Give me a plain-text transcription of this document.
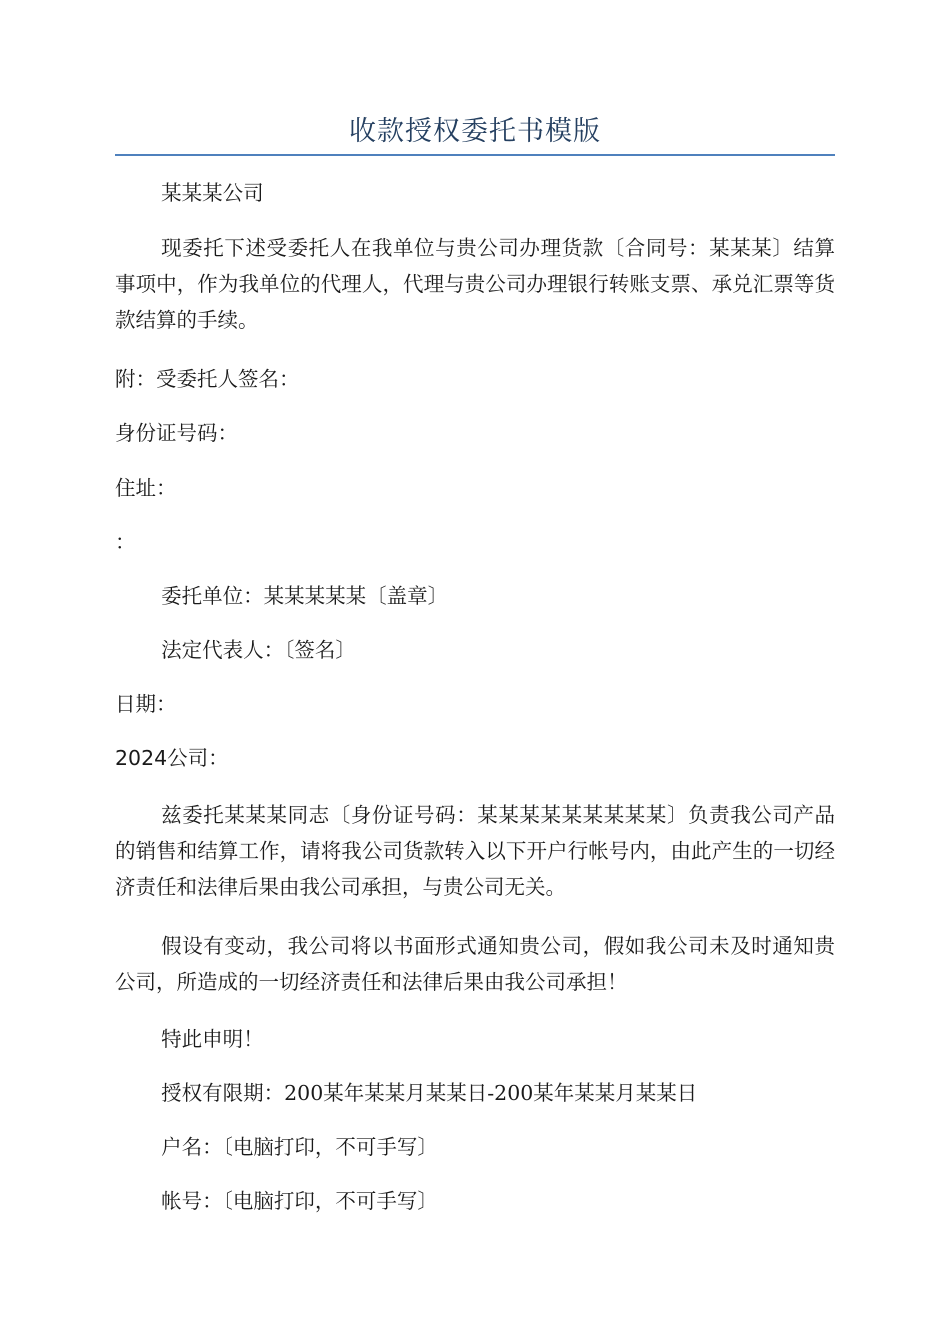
收款授权委托书模版

某某某公司

现委托下述受委托人在我单位与贵公司办理货款〔合同号：某某某〕结算事项中，作为我单位的代理人，代理与贵公司办理银行转账支票、承兑汇票等货款结算的手续。

附：受委托人签名：

身份证号码：

住址：

：

委托单位：某某某某某〔盖章〕

法定代表人：〔签名〕

日期：

2024公司：

兹委托某某某同志〔身份证号码：某某某某某某某某某〕负责我公司产品的销售和结算工作，请将我公司货款转入以下开户行帐号内，由此产生的一切经济责任和法律后果由我公司承担，与贵公司无关。

假设有变动，我公司将以书面形式通知贵公司，假如我公司未及时通知贵公司，所造成的一切经济责任和法律后果由我公司承担！

特此申明！

授权有限期：200某年某某月某某日-200某年某某月某某日

户名：〔电脑打印，不可手写〕

帐号：〔电脑打印，不可手写〕
